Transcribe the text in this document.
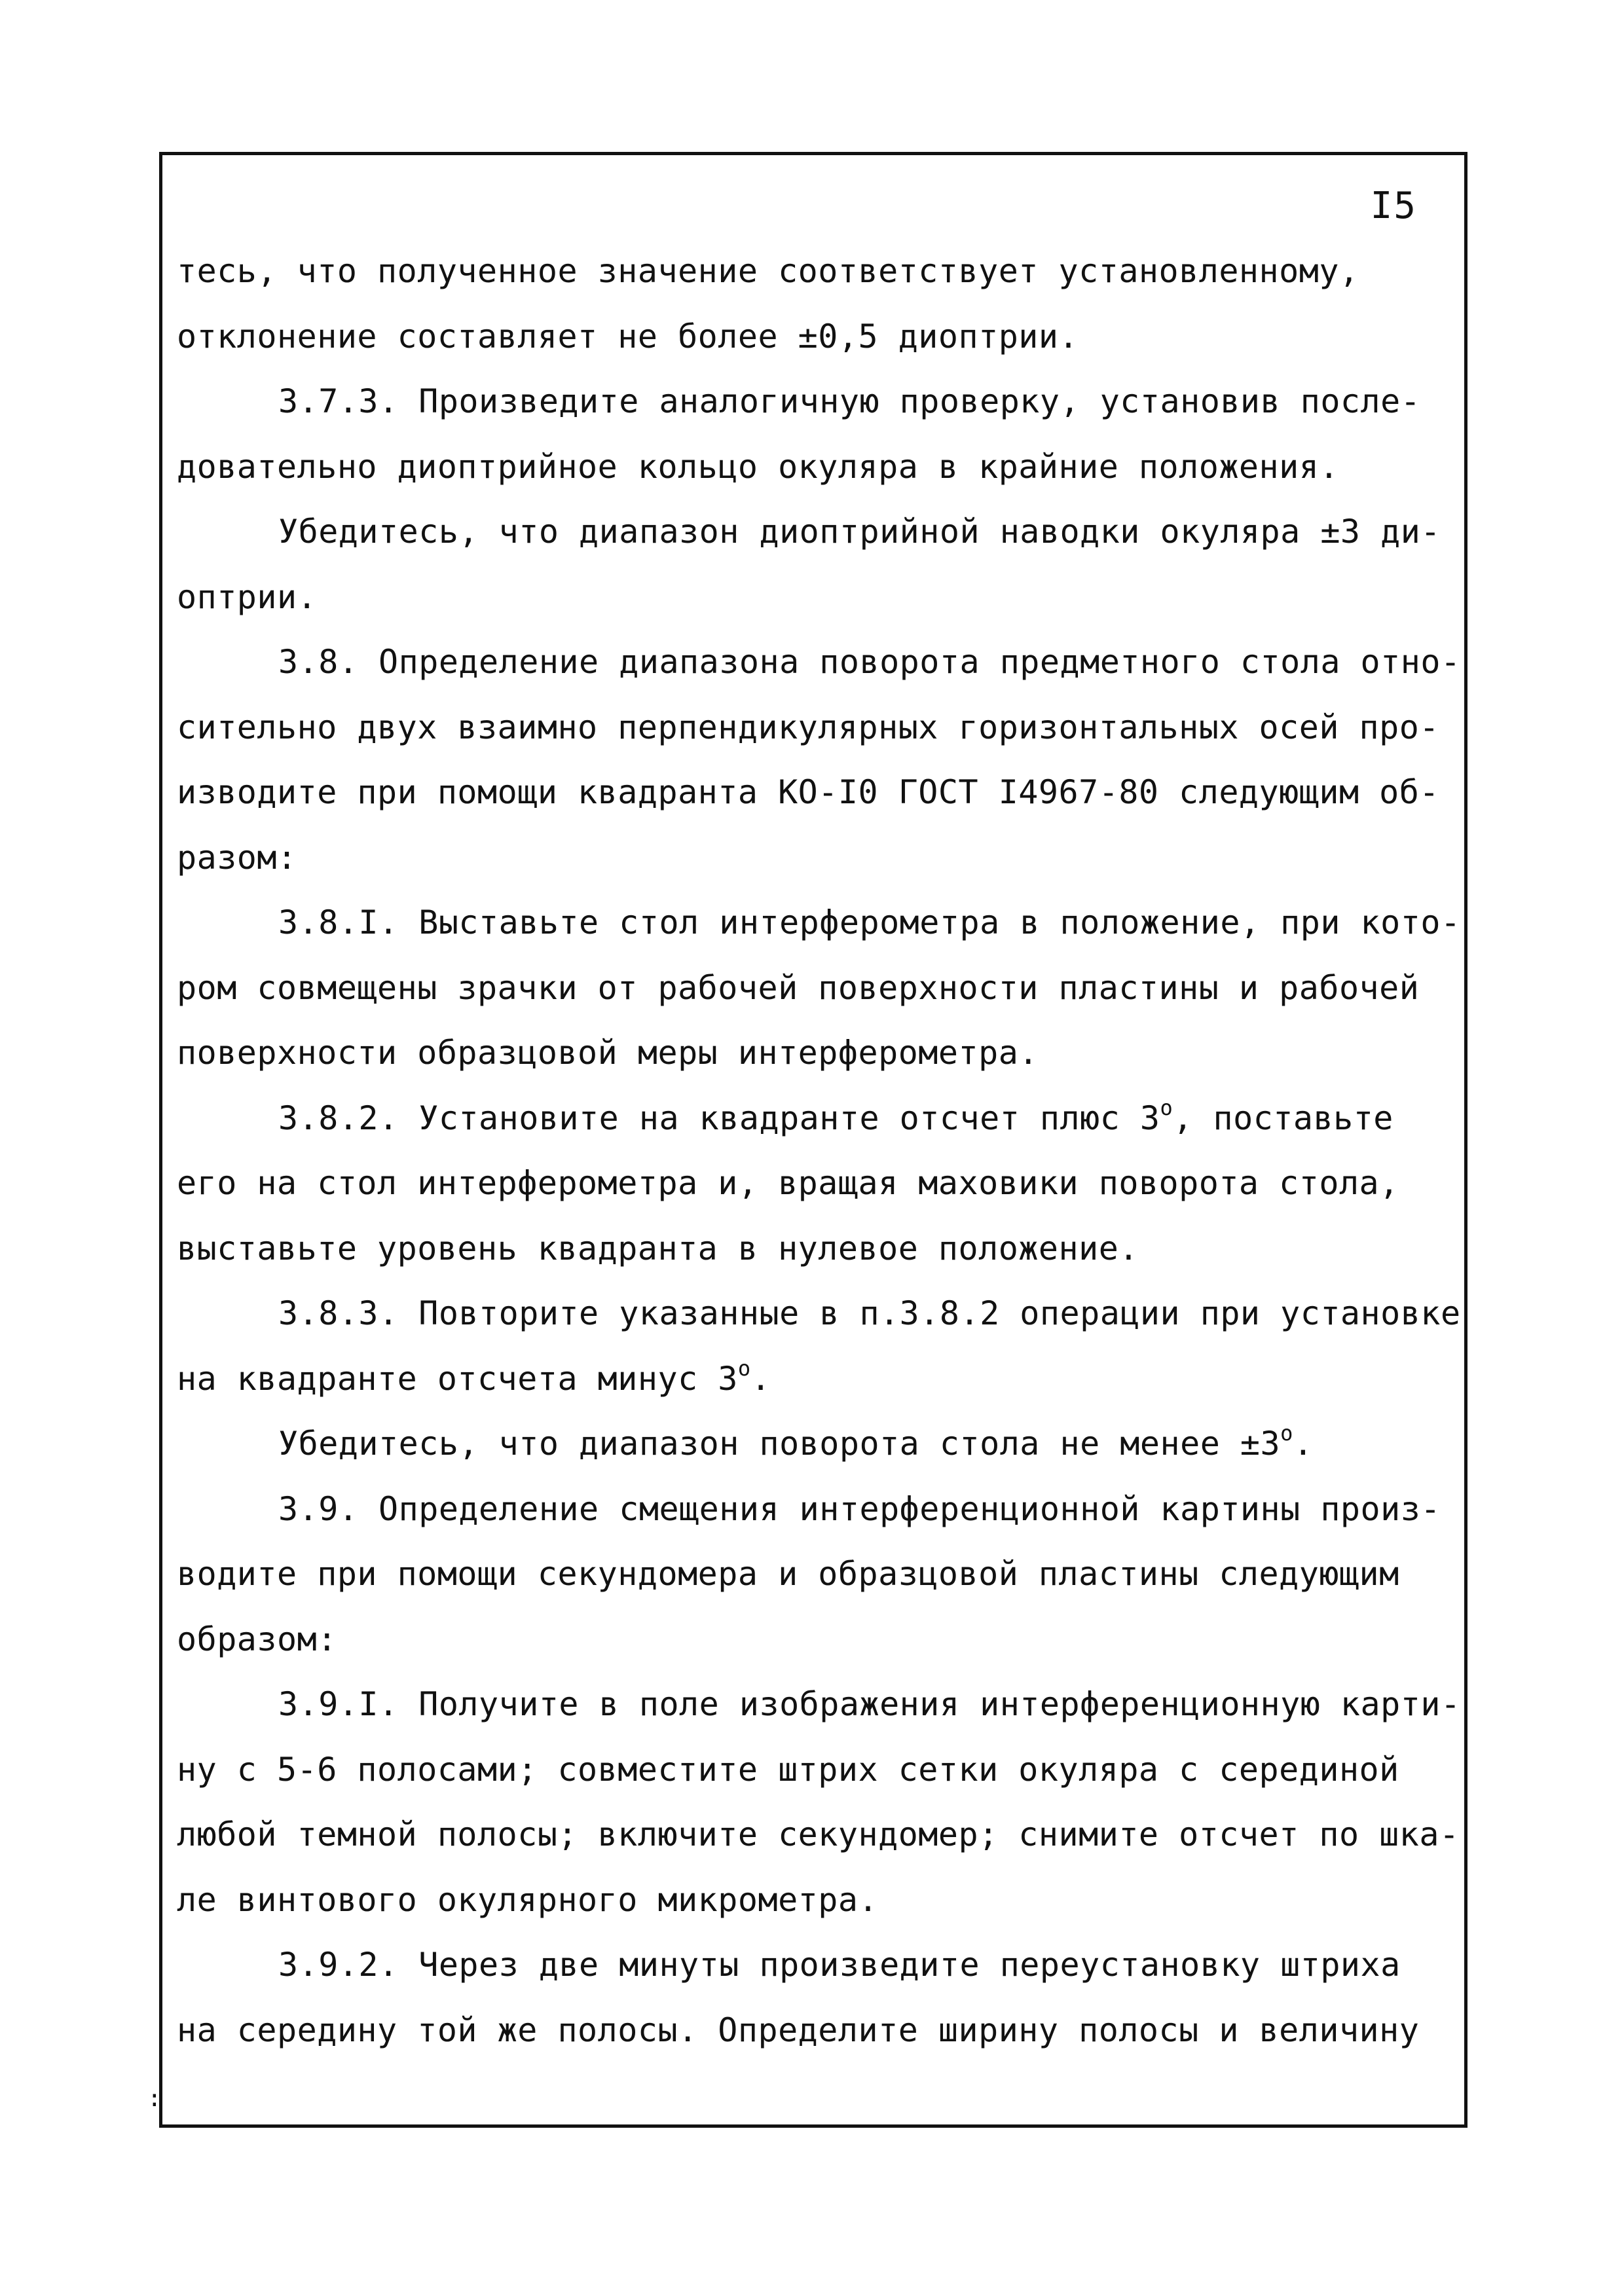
I5
тесь, что полученное значение соответствует установленному,
отклонение составляет не более ±0,5 диоптрии.
3.7.3. Произведите аналогичную проверку, установив после-
довательно диоптрийное кольцо окуляра в крайние положения.
Убедитесь, что диапазон диоптрийной наводки окуляра ±3 ди-
оптрии.
3.8. Определение диапазона поворота предметного стола отно-
сительно двух взаимно перпендикулярных горизонтальных осей про-
изводите при помощи квадранта КО-I0 ГОСТ I4967-80 следующим об-
разом:
3.8.I. Выставьте стол интерферометра в положение, при кото-
ром совмещены зрачки от рабочей поверхности пластины и рабочей
поверхности образцовой меры интерферометра.
3.8.2. Установите на квадранте отсчет плюс $3^о$, поставьте
его на стол интерферометра и, вращая маховики поворота стола,
выставьте уровень квадранта в нулевое положение.
3.8.3. Повторите указанные в п.3.8.2 операции при установке
на квадранте отсчета минус $3^о$.
Убедитесь, что диапазон поворота стола не менее $\pm 3^о$.
3.9. Определение смещения интерференционной картины произ-
водите при помощи секундомера и образцовой пластины следующим
образом:
3.9.I. Получите в поле изображения интерференционную карти-
ну с 5-6 полосами; совместите штрих сетки окуляра с серединой
любой темной полосы; включите секундомер; снимите отсчет по шка-
ле винтового окулярного микрометра.
3.9.2. Через две минуты произведите переустановку штриха
на середину той же полосы. Определите ширину полосы и величину
:
